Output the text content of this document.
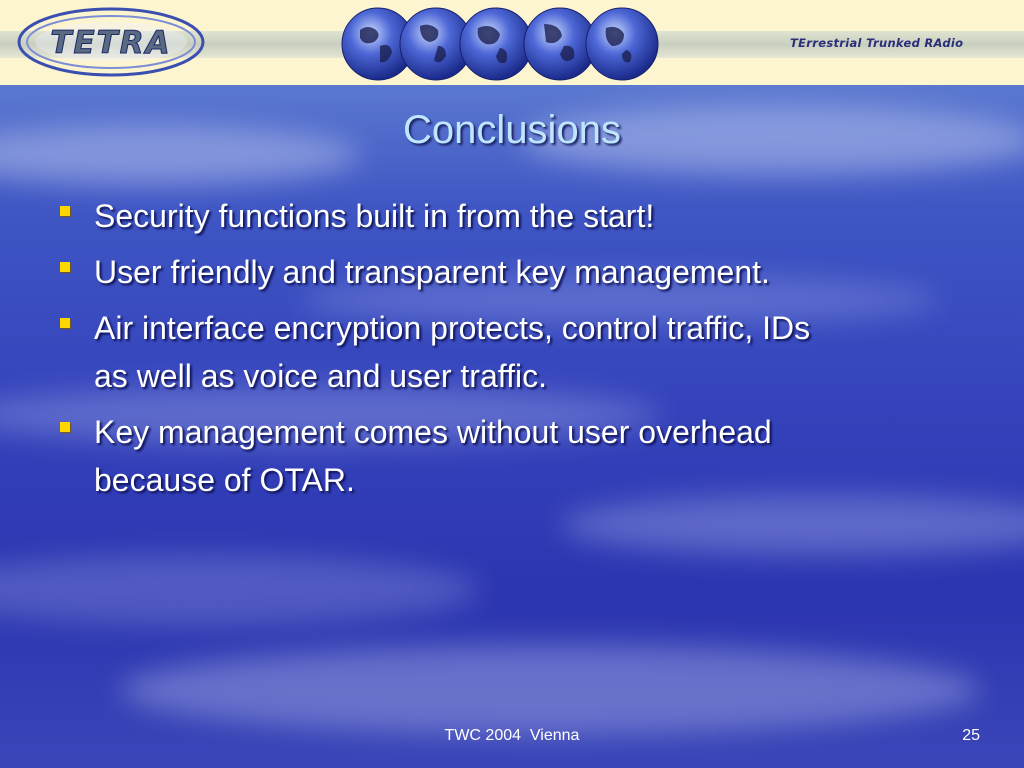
TETRA	TErrestrial Trunked RAdio
Conclusions
Security functions built in from the start!
User friendly and transparent key management.
Air interface encryption protects, control traffic, IDs as well as voice and user traffic.
Key management comes without user overhead because of OTAR.
TWC 2004  Vienna	25
